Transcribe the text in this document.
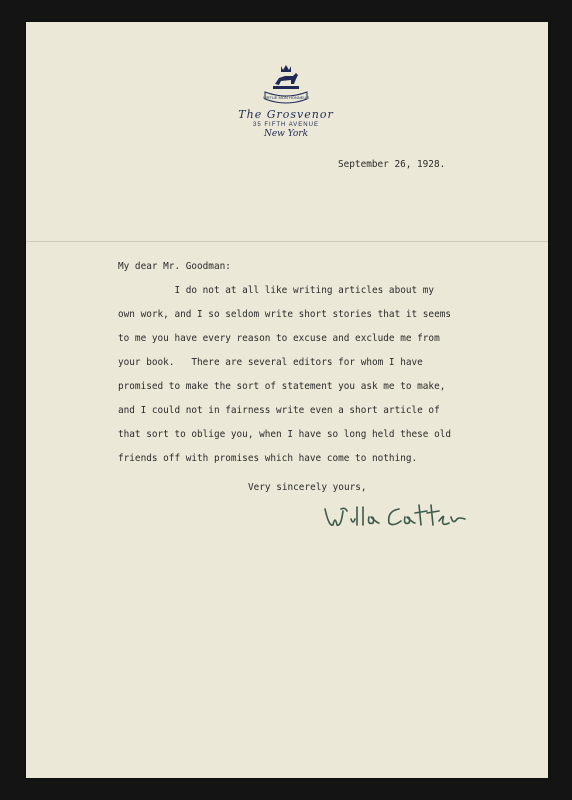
VIRTUE MON HONNEUR
The Grosvenor
35 FIFTH AVENUE
New York
September 26, 1928.
My dear Mr. Goodman:
I do not at all like writing articles about my
own work, and I so seldom write short stories that it seems
to me you have every reason to excuse and exclude me from
your book.   There are several editors for whom I have
promised to make the sort of statement you ask me to make,
and I could not in fairness write even a short article of
that sort to oblige you, when I have so long held these old
friends off with promises which have come to nothing.
Very sincerely yours,
